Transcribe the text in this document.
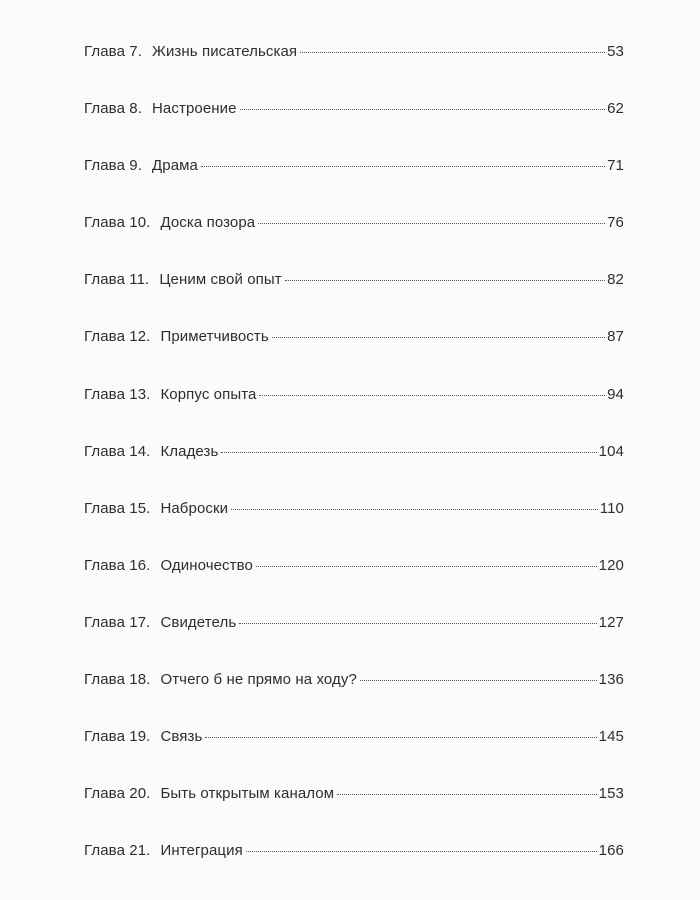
Глава 7. Жизнь писательская	53
Глава 8. Настроение	62
Глава 9. Драма	71
Глава 10. Доска позора	76
Глава 11. Ценим свой опыт	82
Глава 12. Приметчивость	87
Глава 13. Корпус опыта	94
Глава 14. Кладезь	104
Глава 15. Наброски	110
Глава 16. Одиночество	120
Глава 17. Свидетель	127
Глава 18. Отчего б не прямо на ходу?	136
Глава 19. Связь	145
Глава 20. Быть открытым каналом	153
Глава 21. Интеграция	166
